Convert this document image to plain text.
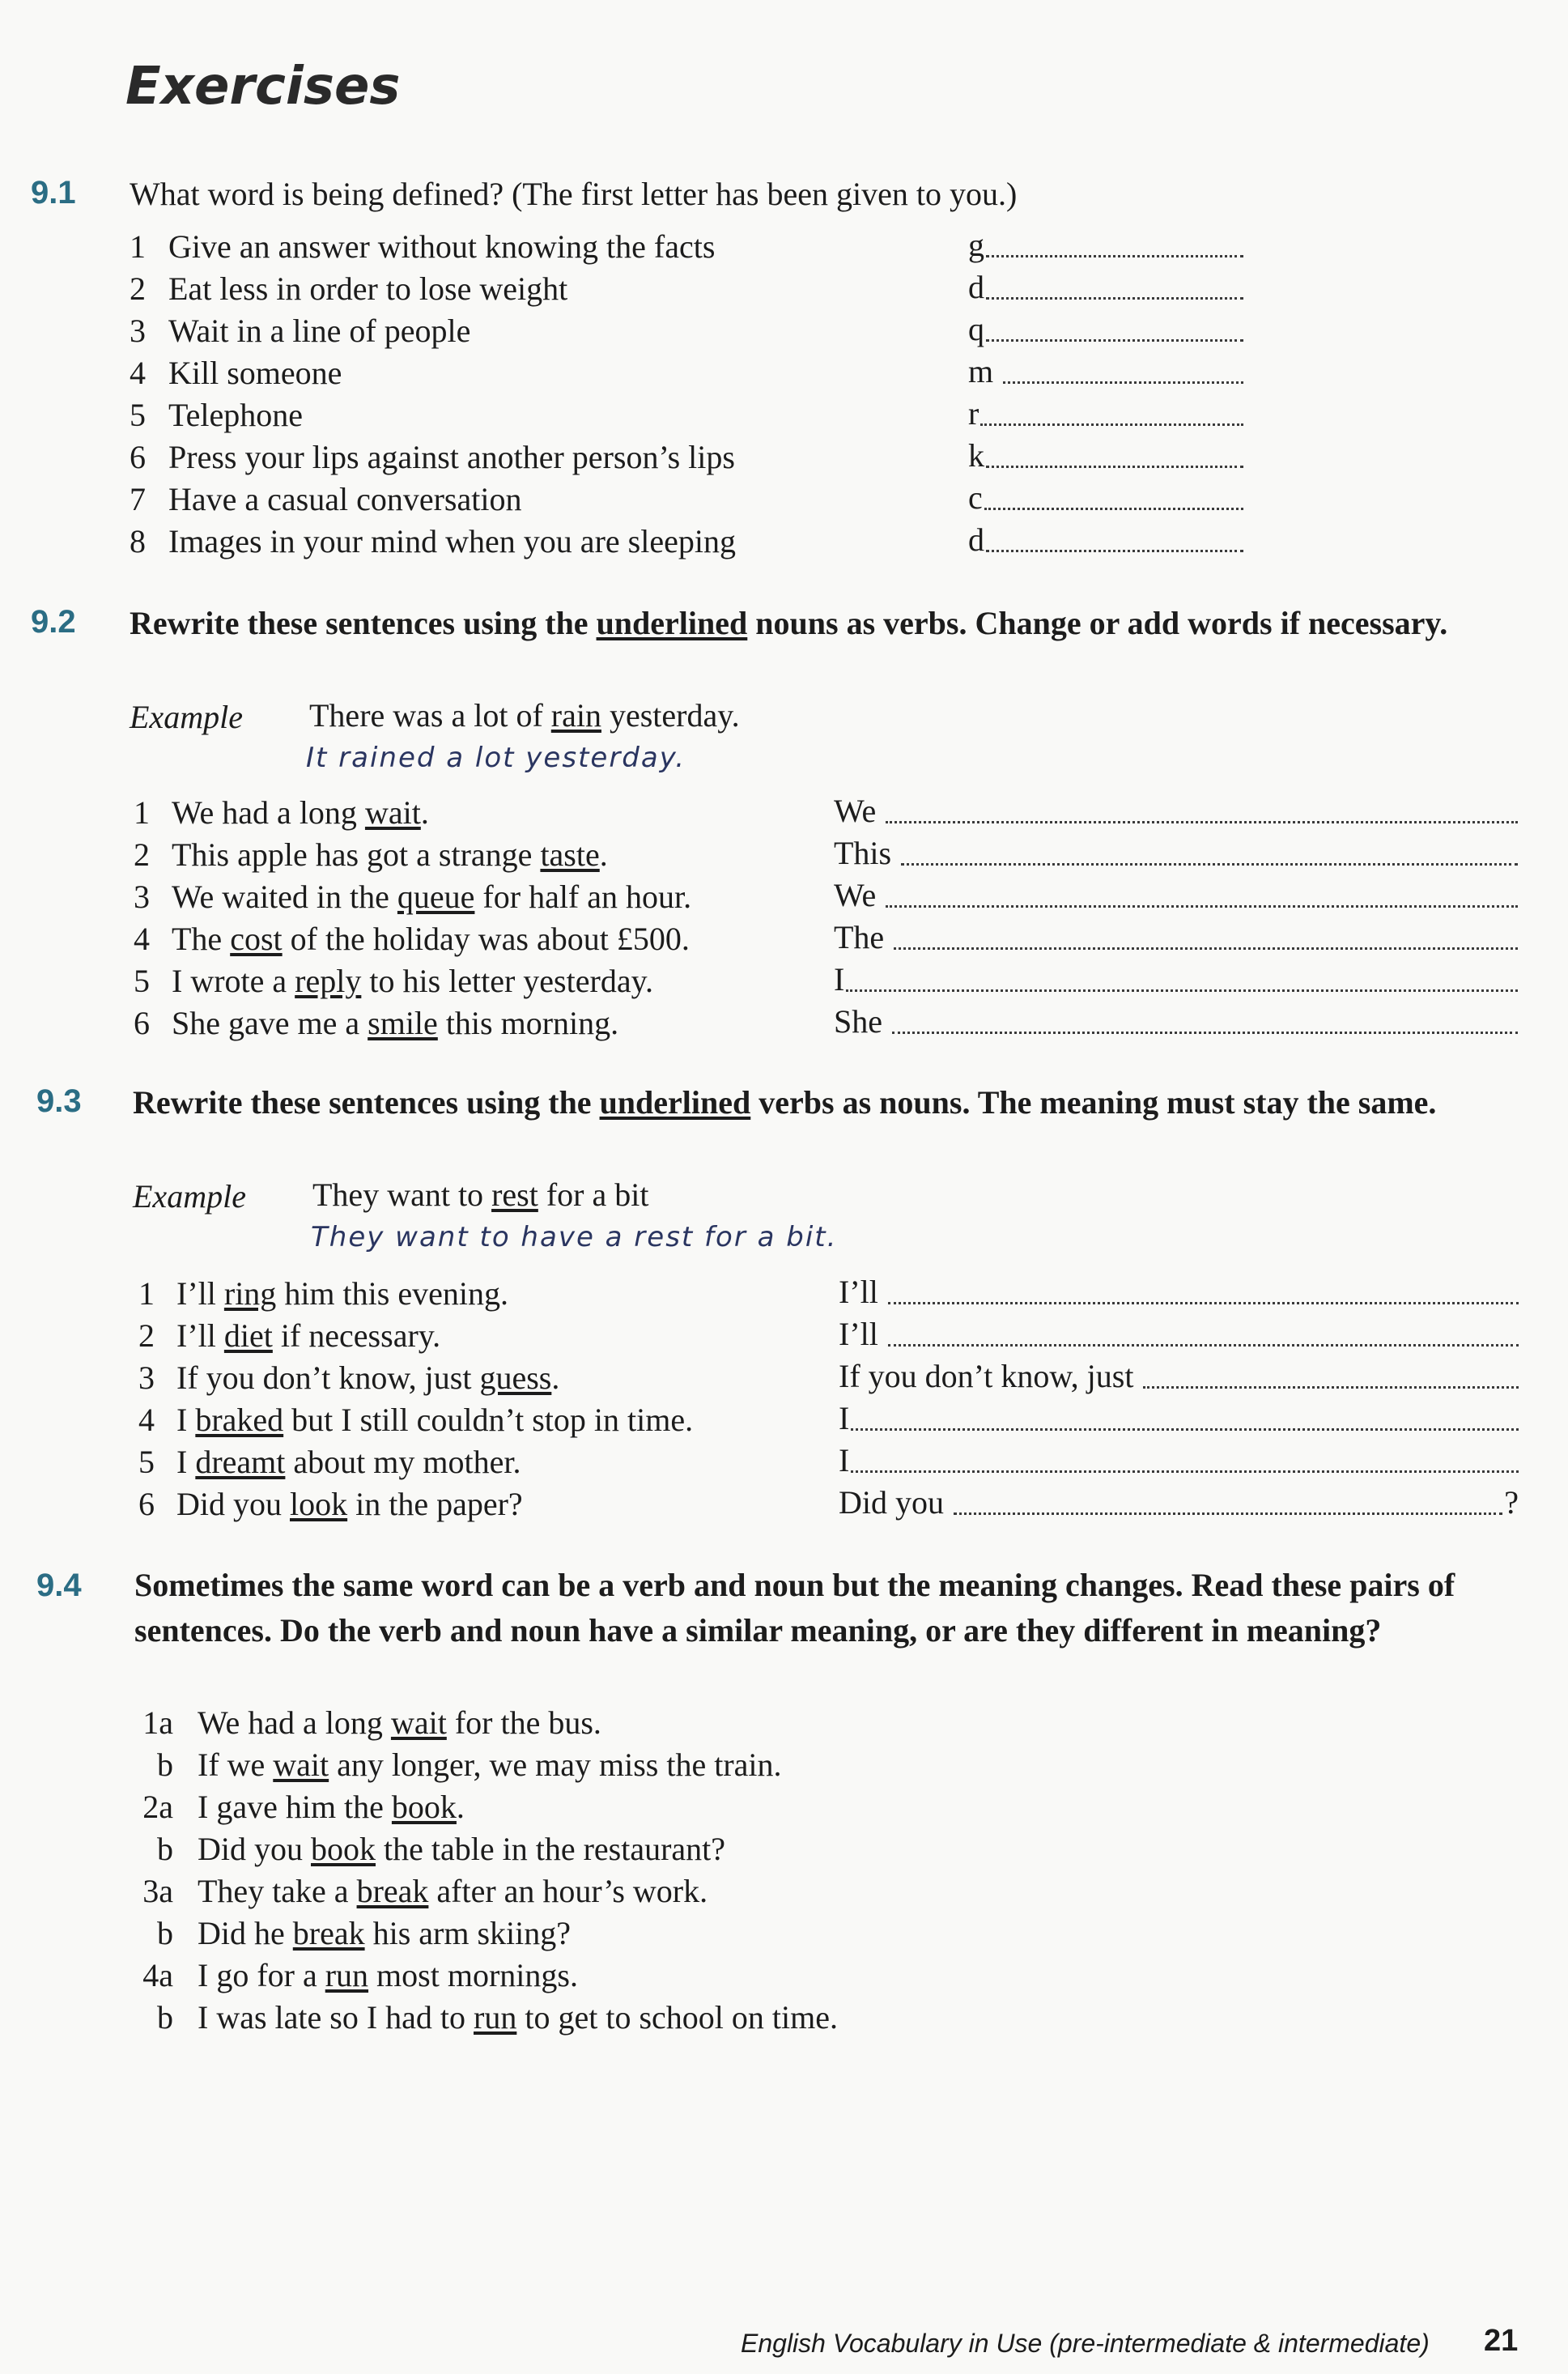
Exercises
9.1 What word is being defined? (The first letter has been given to you.)
1 Give an answer without knowing the facts	g
2 Eat less in order to lose weight	d
3 Wait in a line of people	q
4 Kill someone	m
5 Telephone	r
6 Press your lips against another person’s lips	k
7 Have a casual conversation	c
8 Images in your mind when you are sleeping	d
9.2 Rewrite these sentences using the underlined nouns as verbs. Change or add words if necessary.
Example There was a lot of rain yesterday.
It rained a lot yesterday.
1 We had a long wait.	We
2 This apple has got a strange taste.	This
3 We waited in the queue for half an hour.	We
4 The cost of the holiday was about £500.	The
5 I wrote a reply to his letter yesterday.	I
6 She gave me a smile this morning.	She
9.3 Rewrite these sentences using the underlined verbs as nouns. The meaning must stay the same.
Example They want to rest for a bit
They want to have a rest for a bit.
1 I’ll ring him this evening.	I’ll
2 I’ll diet if necessary.	I’ll
3 If you don’t know, just guess.	If you don’t know, just
4 I braked but I still couldn’t stop in time.	I
5 I dreamt about my mother.	I
6 Did you look in the paper?	Did you	?
9.4 Sometimes the same word can be a verb and noun but the meaning changes. Read these pairs of sentences. Do the verb and noun have a similar meaning, or are they different in meaning?
1a We had a long wait for the bus.
b If we wait any longer, we may miss the train.
2a I gave him the book.
b Did you book the table in the restaurant?
3a They take a break after an hour’s work.
b Did he break his arm skiing?
4a I go for a run most mornings.
b I was late so I had to run to get to school on time.
English Vocabulary in Use (pre-intermediate & intermediate) 21
